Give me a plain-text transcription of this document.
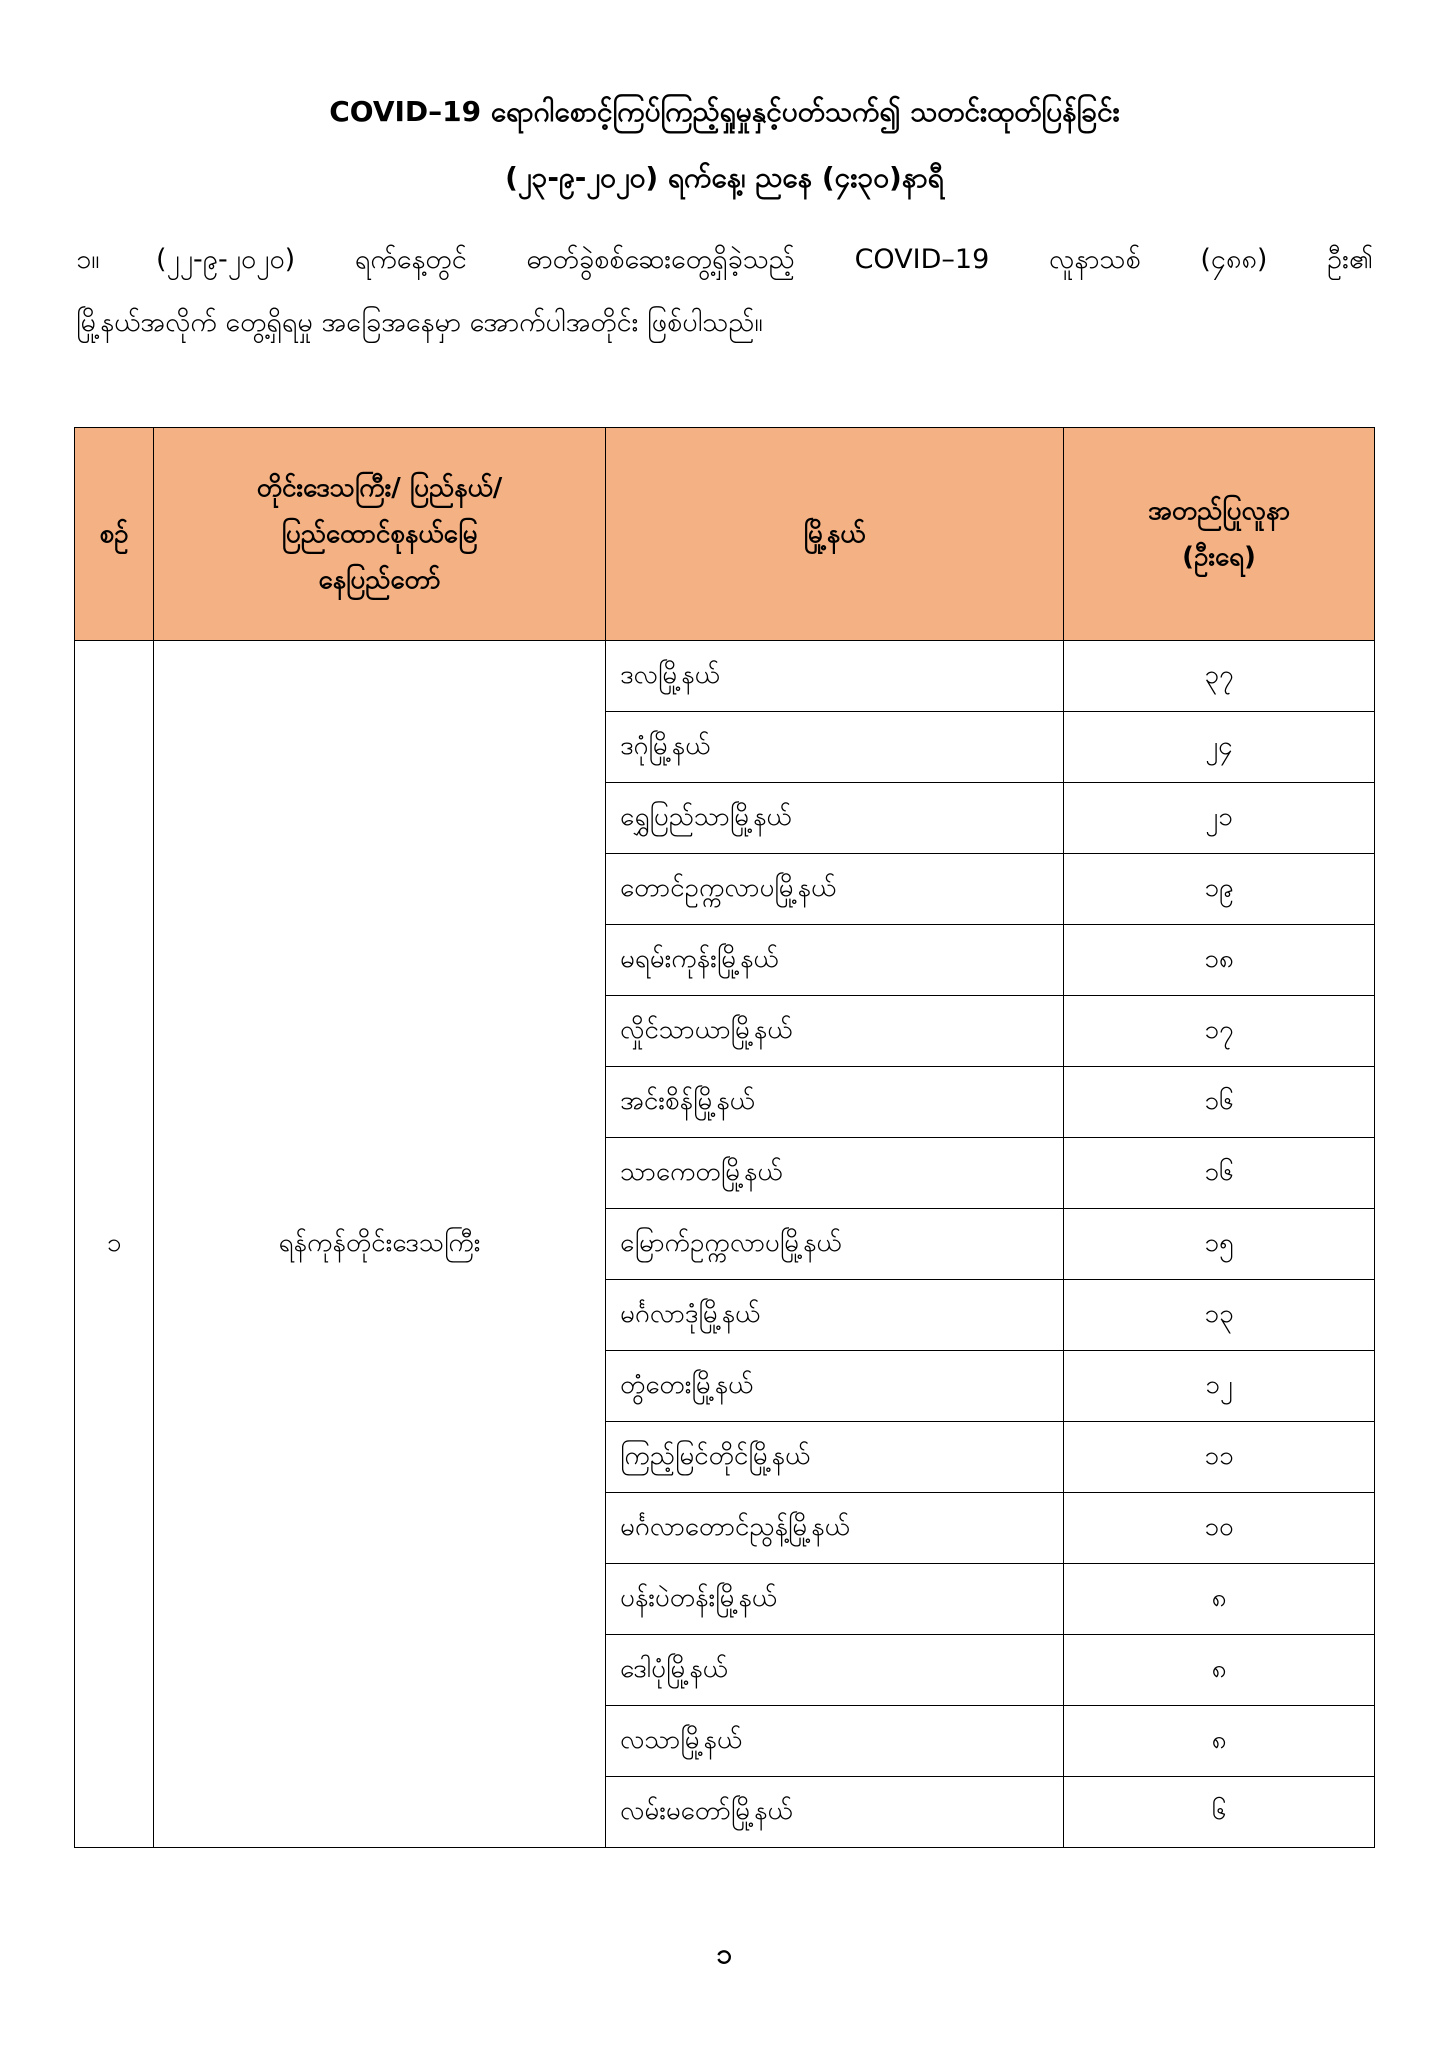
COVID–19 ရောဂါစောင့်ကြပ်ကြည့်ရှုမှုနှင့်ပတ်သက်၍ သတင်းထုတ်ပြန်ခြင်း
(၂၃-၉-၂၀၂၀) ရက်နေ့၊ ညနေ (၄း၃၀)နာရီ
၁။ (၂၂-၉-၂၀၂၀) ရက်နေ့တွင် ဓာတ်ခွဲစစ်ဆေးတွေ့ရှိခဲ့သည့် COVID–19 လူနာသစ် (၄၈၈) ဦး၏
မြို့နယ်အလိုက် တွေ့ရှိရမှု အခြေအနေမှာ အောက်ပါအတိုင်း ဖြစ်ပါသည်။
စဉ်	တိုင်းဒေသကြီး/ ပြည်နယ်/
ပြည်ထောင်စုနယ်မြေ
နေပြည်တော်	မြို့နယ်	အတည်ပြုလူနာ
(ဦးရေ)

၁	ရန်ကုန်တိုင်းဒေသကြီး	ဒလမြို့နယ်	၃၇
		ဒဂုံမြို့နယ်	၂၄
		ရွှေပြည်သာမြို့နယ်	၂၁
		တောင်ဥက္ကလာပမြို့နယ်	၁၉
		မရမ်းကုန်းမြို့နယ်	၁၈
		လှိုင်သာယာမြို့နယ်	၁၇
		အင်းစိန်မြို့နယ်	၁၆
		သာကေတမြို့နယ်	၁၆
		မြောက်ဥက္ကလာပမြို့နယ်	၁၅
		မင်္ဂလာဒုံမြို့နယ်	၁၃
		တွံတေးမြို့နယ်	၁၂
		ကြည့်မြင်တိုင်မြို့နယ်	၁၁
		မင်္ဂလာတောင်ညွန့်မြို့နယ်	၁၀
		ပန်းပဲတန်းမြို့နယ်	၈
		ဒေါပုံမြို့နယ်	၈
		လသာမြို့နယ်	၈
		လမ်းမတော်မြို့နယ်	၆
၁
